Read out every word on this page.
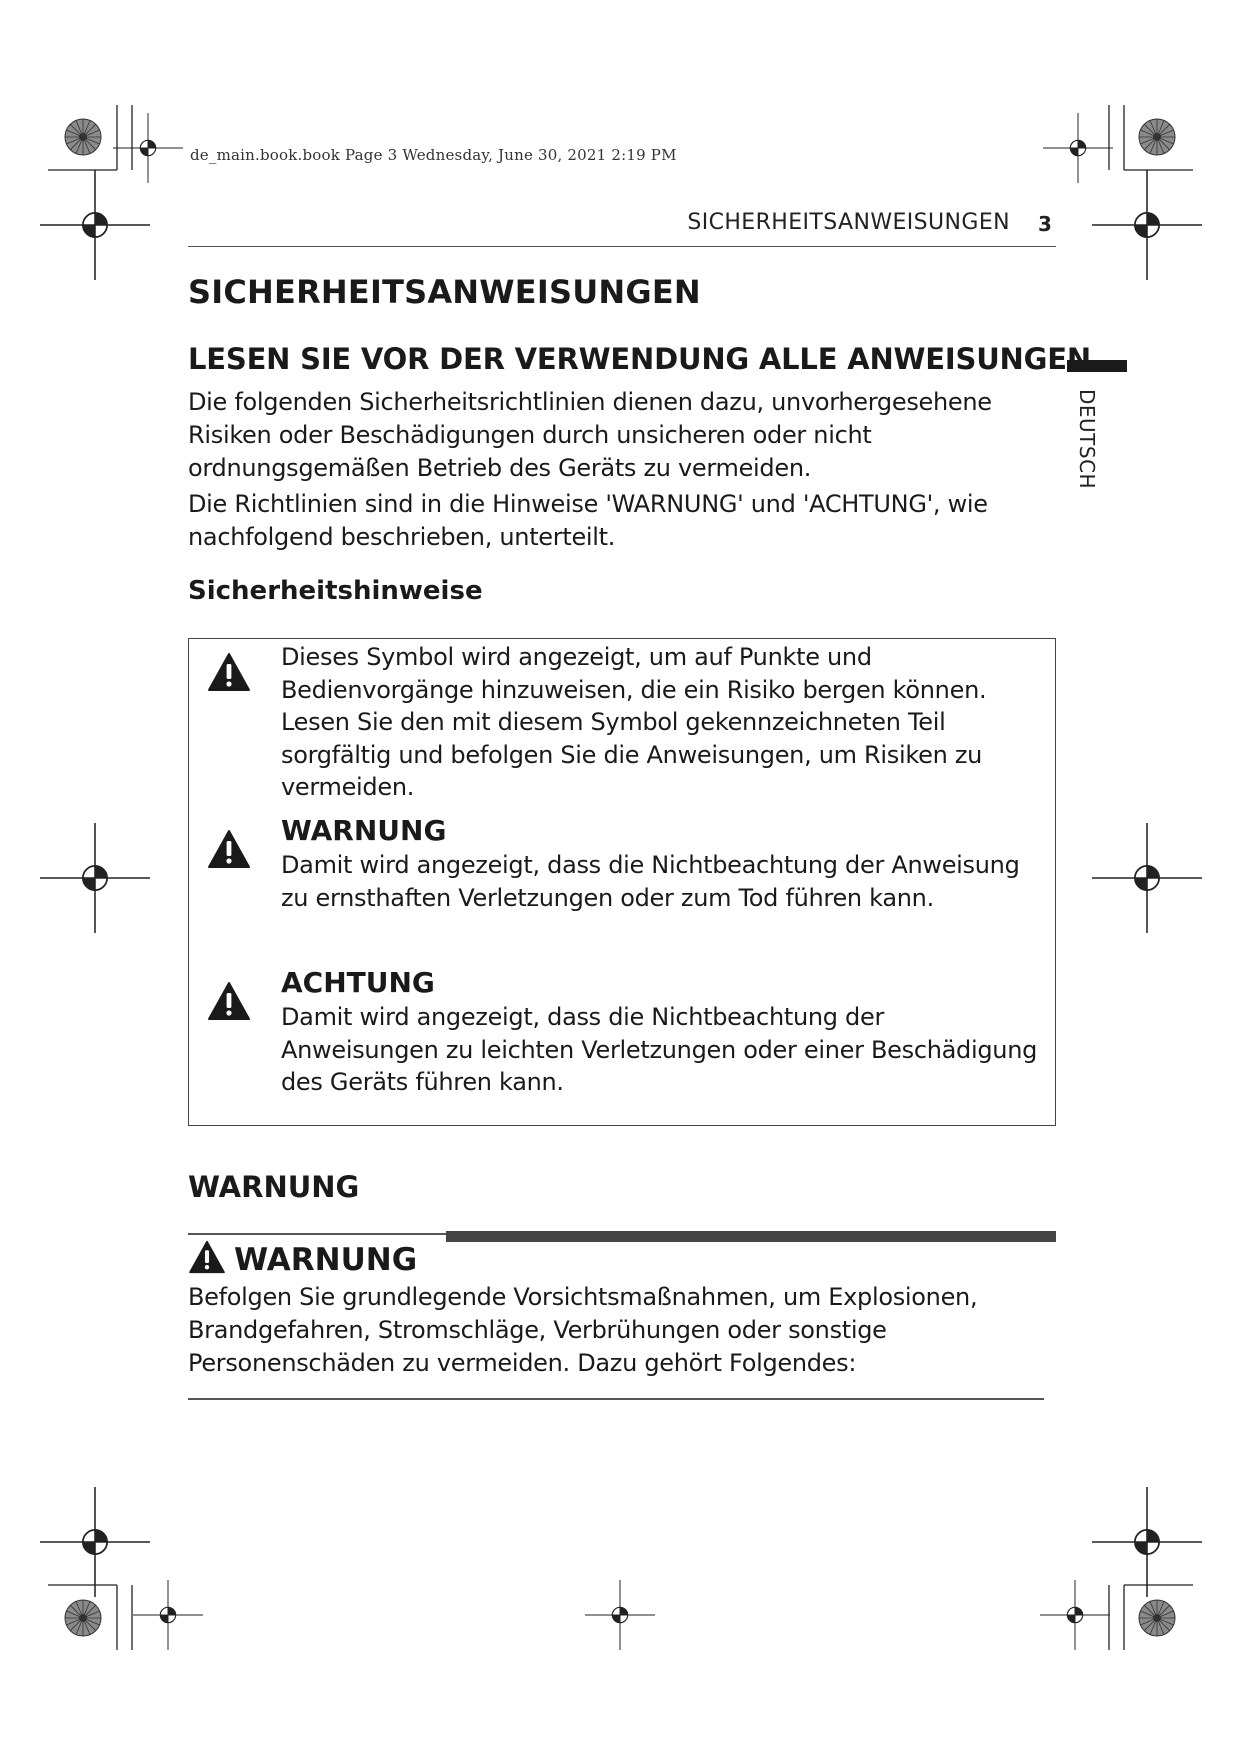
de_main.book.book Page 3 Wednesday, June 30, 2021 2:19 PM
SICHERHEITSANWEISUNGEN	3
DEUTSCH
SICHERHEITSANWEISUNGEN
LESEN SIE VOR DER VERWENDUNG ALLE ANWEISUNGEN

Die folgenden Sicherheitsrichtlinien dienen dazu, unvorhergesehene Risiken oder Beschädigungen durch unsicheren oder nicht ordnungsgemäßen Betrieb des Geräts zu vermeiden.

Die Richtlinien sind in die Hinweise 'WARNUNG' und 'ACHTUNG', wie nachfolgend beschrieben, unterteilt.

Sicherheitshinweise

Dieses Symbol wird angezeigt, um auf Punkte und Bedienvorgänge hinzuweisen, die ein Risiko bergen können. Lesen Sie den mit diesem Symbol gekennzeichneten Teil sorgfältig und befolgen Sie die Anweisungen, um Risiken zu vermeiden.

WARNUNG

Damit wird angezeigt, dass die Nichtbeachtung der Anweisung zu ernsthaften Verletzungen oder zum Tod führen kann.

ACHTUNG

Damit wird angezeigt, dass die Nichtbeachtung der Anweisungen zu leichten Verletzungen oder einer Beschädigung des Geräts führen kann.

WARNUNG

WARNUNG

Befolgen Sie grundlegende Vorsichtsmaßnahmen, um Explosionen, Brandgefahren, Stromschläge, Verbrühungen oder sonstige Personenschäden zu vermeiden. Dazu gehört Folgendes:
